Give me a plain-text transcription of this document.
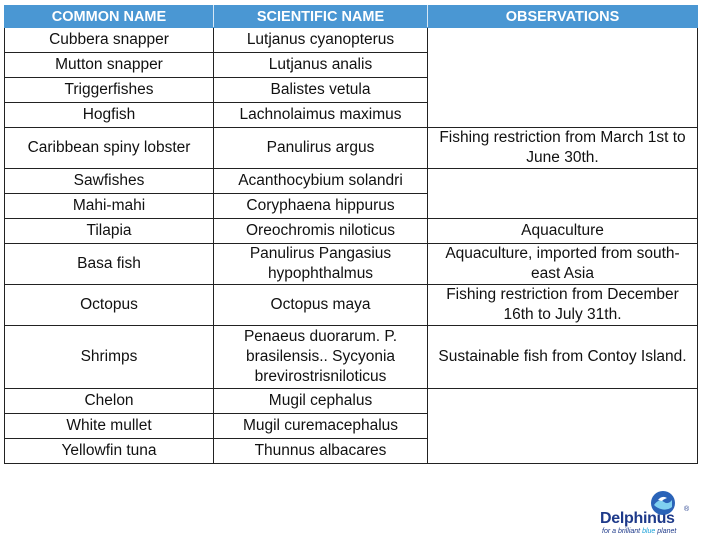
COMMON NAME	SCIENTIFIC NAME	OBSERVATIONS
Cubbera snapper	Lutjanus cyanopterus	
Mutton snapper	Lutjanus analis	
Triggerfishes	Balistes vetula	
Hogfish	Lachnolaimus maximus	
Caribbean spiny lobster	Panulirus argus	Fishing restriction from March 1st to June 30th.
Sawfishes	Acanthocybium solandri	
Mahi-mahi	Coryphaena hippurus	
Tilapia	Oreochromis niloticus	Aquaculture
Basa fish	Panulirus Pangasius hypophthalmus	Aquaculture, imported from south-east Asia
Octopus	Octopus maya	Fishing restriction from December 16th to July 31th.
Shrimps	Penaeus duorarum. P. brasilensis.. Sycyonia brevirostrisniloticus	Sustainable fish from Contoy Island.
Chelon	Mugil cephalus	
White mullet	Mugil curemacephalus	
Yellowfin tuna	Thunnus albacares	
Delphinus
®
for a brilliant blue planet
